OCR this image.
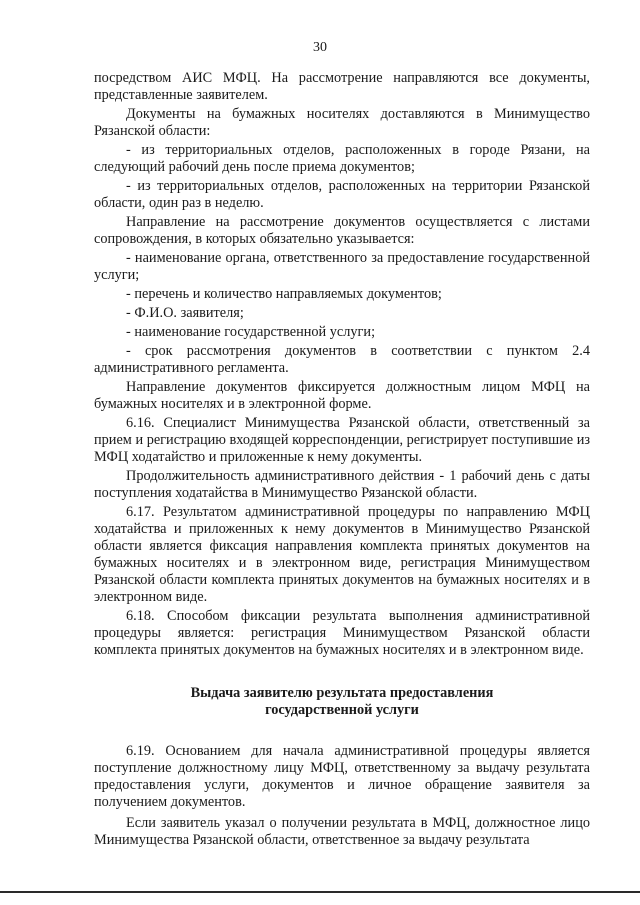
30

посредством АИС МФЦ. На рассмотрение направляются все документы, представленные заявителем.

Документы на бумажных носителях доставляются в Минимущество Рязанской области:

- из территориальных отделов, расположенных в городе Рязани, на следующий рабочий день после приема документов;

- из территориальных отделов, расположенных на территории Рязанской области, один раз в неделю.

Направление на рассмотрение документов осуществляется с листами сопровождения, в которых обязательно указывается:

- наименование органа, ответственного за предоставление государственной услуги;

- перечень и количество направляемых документов;

- Ф.И.О. заявителя;

- наименование государственной услуги;

- срок рассмотрения документов в соответствии с пунктом 2.4 административного регламента.

Направление документов фиксируется должностным лицом МФЦ на бумажных носителях и в электронной форме.

6.16. Специалист Минимущества Рязанской области, ответственный за прием и регистрацию входящей корреспонденции, регистрирует поступившие из МФЦ ходатайство и приложенные к нему документы.

Продолжительность административного действия - 1 рабочий день с даты поступления ходатайства в Минимущество Рязанской области.

6.17. Результатом административной процедуры по направлению МФЦ ходатайства и приложенных к нему документов в Минимущество Рязанской области является фиксация направления комплекта принятых документов на бумажных носителях и в электронном виде, регистрация Минимуществом Рязанской области комплекта принятых документов на бумажных носителях и в электронном виде.

6.18. Способом фиксации результата выполнения административной процедуры является: регистрация Минимуществом Рязанской области комплекта принятых документов на бумажных носителях и в электронном виде.

Выдача заявителю результата предоставления
государственной услуги

6.19. Основанием для начала административной процедуры является поступление должностному лицу МФЦ, ответственному за выдачу результата предоставления услуги, документов и личное обращение заявителя за получением документов.

Если заявитель указал о получении результата в МФЦ, должностное лицо Минимущества Рязанской области, ответственное за выдачу результата
